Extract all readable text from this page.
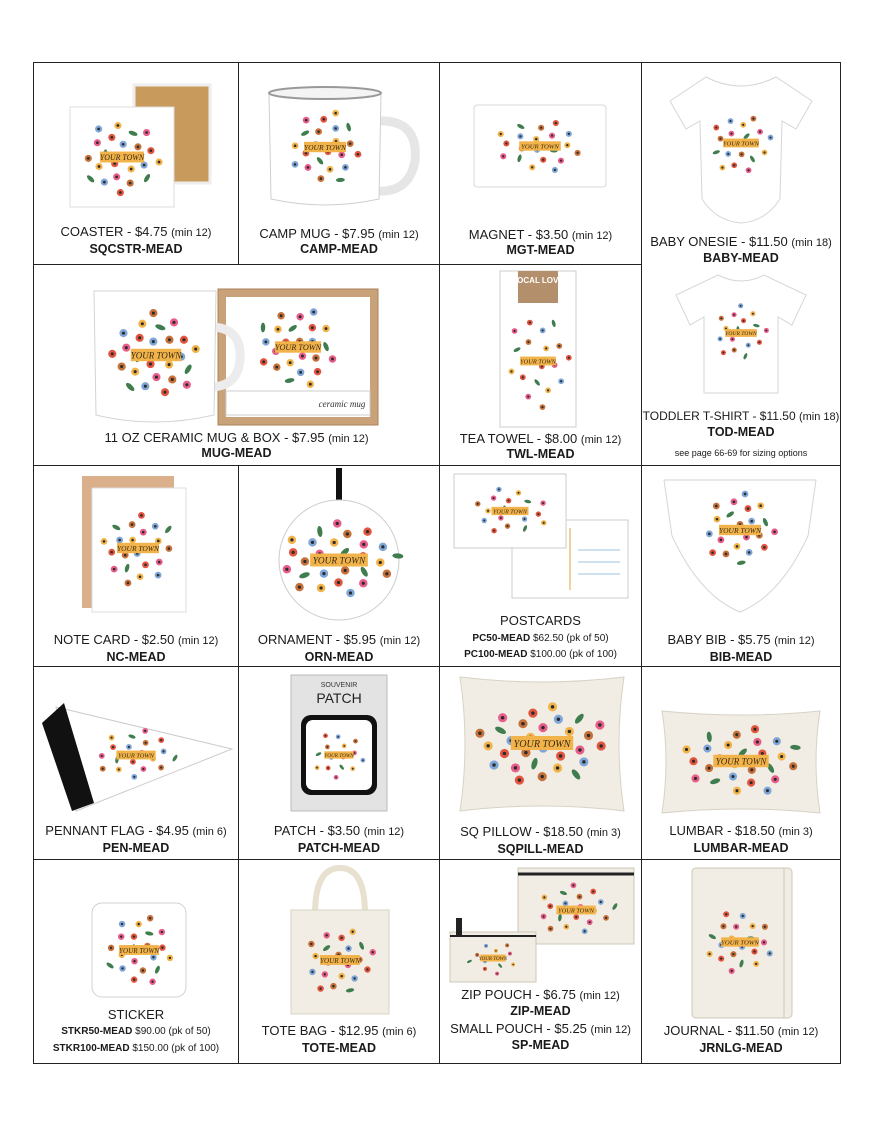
YOUR TOWN
COASTER - $4.75 (min 12)
SQCSTR-MEAD
YOUR TOWN
CAMP MUG - $7.95 (min 12)
CAMP-MEAD
YOUR TOWN
MAGNET - $3.50 (min 12)
MGT-MEAD
YOUR TOWN
BABY ONESIE - $11.50 (min 18)
BABY-MEAD
YOUR TOWN
TODDLER T-SHIRT - $11.50 (min 18)
TOD-MEAD
see page 66-69 for sizing options
YOUR TOWN
ceramic mug
YOUR TOWN
11 OZ CERAMIC MUG & BOX - $7.95 (min 12)
MUG-MEAD
LOCAL LOVE
YOUR TOWN
TEA TOWEL - $8.00 (min 12)
TWL-MEAD
YOUR TOWN
NOTE CARD - $2.50 (min 12)
NC-MEAD
YOUR TOWN
ORNAMENT - $5.95 (min 12)
ORN-MEAD
YOUR TOWN
POSTCARDS
PC50-MEAD $62.50 (pk of 50)
PC100-MEAD $100.00 (pk of 100)
YOUR TOWN
BABY BIB - $5.75 (min 12)
BIB-MEAD
YOUR TOWN
PENNANT FLAG - $4.95 (min 6)
PEN-MEAD
SOUVENIR
PATCH
YOUR TOWN
PATCH - $3.50 (min 12)
PATCH-MEAD
YOUR TOWN
SQ PILLOW - $18.50 (min 3)
SQPILL-MEAD
YOUR TOWN
LUMBAR - $18.50 (min 3)
LUMBAR-MEAD
YOUR TOWN
STICKER
STKR50-MEAD $90.00 (pk of 50)
STKR100-MEAD $150.00 (pk of 100)
YOUR TOWN
TOTE BAG - $12.95 (min 6)
TOTE-MEAD
YOUR TOWN
YOUR TOWN
ZIP POUCH - $6.75 (min 12)
ZIP-MEAD
SMALL POUCH - $5.25 (min 12)
SP-MEAD
YOUR TOWN
JOURNAL - $11.50 (min 12)
JRNLG-MEAD
